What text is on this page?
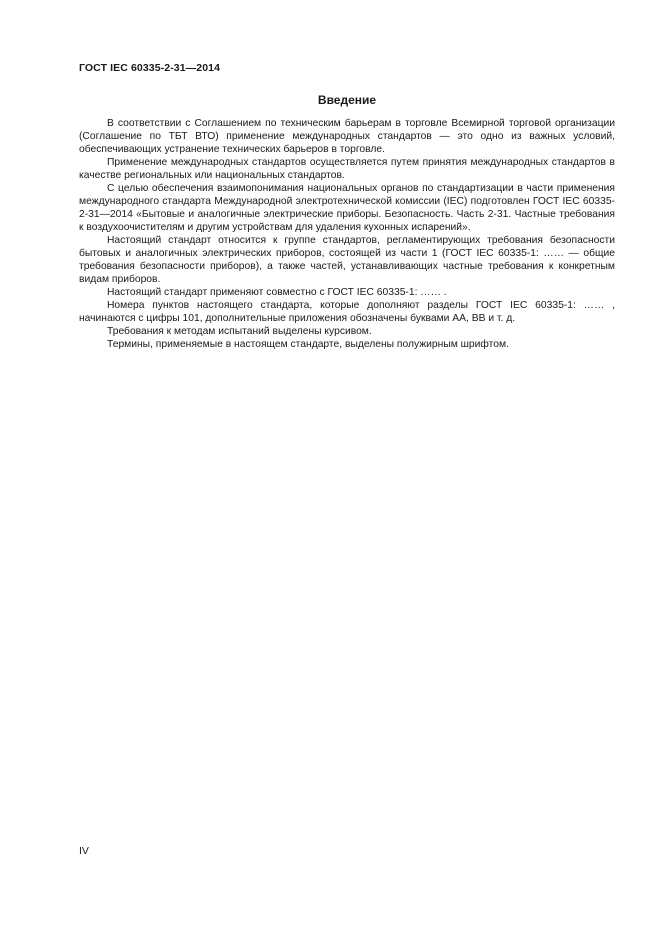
ГОСТ IEC 60335-2-31—2014
Введение

В соответствии с Соглашением по техническим барьерам в торговле Всемирной торговой организации (Соглашение по ТБТ ВТО) применение международных стандартов — это одно из важных условий, обеспечивающих устранение технических барьеров в торговле.

Применение международных стандартов осуществляется путем принятия международных стандартов в качестве региональных или национальных стандартов.

С целью обеспечения взаимопонимания национальных органов по стандартизации в части применения международного стандарта Международной электротехнической комиссии (IEC) подготовлен ГОСТ IEC 60335-2-31—2014 «Бытовые и аналогичные электрические приборы. Безопасность. Часть 2-31. Частные требования к воздухоочистителям и другим устройствам для удаления кухонных испарений».

Настоящий стандарт относится к группе стандартов, регламентирующих требования безопасности бытовых и аналогичных электрических приборов, состоящей из части 1 (ГОСТ IEC 60335-1: …… — общие требования безопасности приборов), а также частей, устанавливающих частные требования к конкретным видам приборов.

Настоящий стандарт применяют совместно с ГОСТ IEC 60335-1: …… .

Номера пунктов настоящего стандарта, которые дополняют разделы ГОСТ IEC 60335-1: …… , начинаются с цифры 101, дополнительные приложения обозначены буквами АА, ВВ и т. д.

Требования к методам испытаний выделены курсивом.

Термины, применяемые в настоящем стандарте, выделены полужирным шрифтом.

IV
